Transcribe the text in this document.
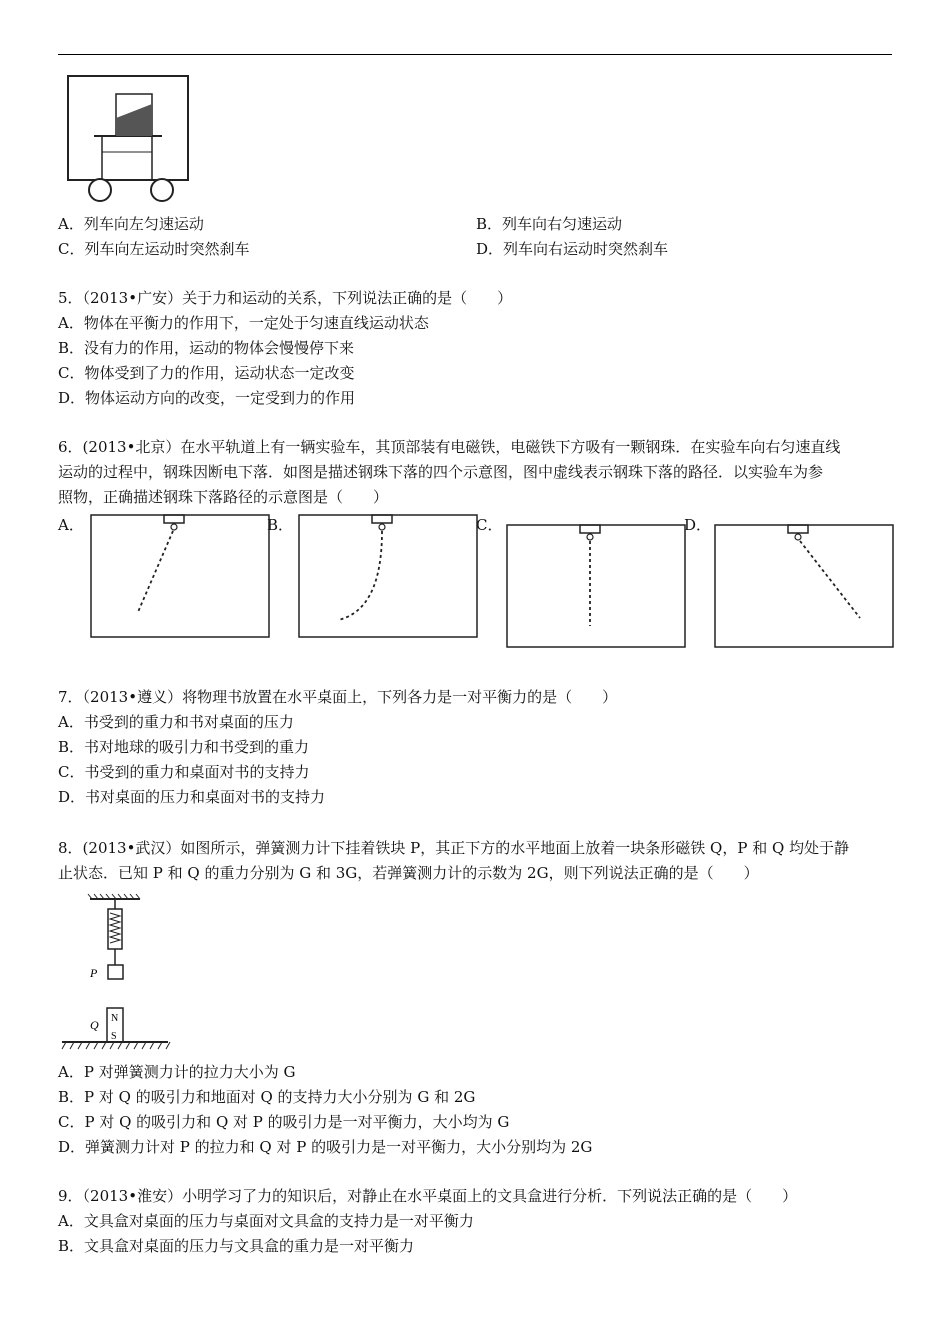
A．列车向左匀速运动	B．列车向右匀速运动
C．列车向左运动时突然刹车	D．列车向右运动时突然刹车
5．（2013•广安）关于力和运动的关系，下列说法正确的是（　　）
A．物体在平衡力的作用下，一定处于匀速直线运动状态
B．没有力的作用，运动的物体会慢慢停下来
C．物体受到了力的作用，运动状态一定改变
D．物体运动方向的改变，一定受到力的作用
6．(2013•北京）在水平轨道上有一辆实验车，其顶部装有电磁铁，电磁铁下方吸有一颗钢珠．在实验车向右匀速直线
运动的过程中，钢珠因断电下落．如图是描述钢珠下落的四个示意图，图中虚线表示钢珠下落的路径．以实验车为参
照物，正确描述钢珠下落路径的示意图是（　　）
A．	B．	C．	D．
7．（2013•遵义）将物理书放置在水平桌面上，下列各力是一对平衡力的是（　　）
A．书受到的重力和书对桌面的压力
B．书对地球的吸引力和书受到的重力
C．书受到的重力和桌面对书的支持力
D．书对桌面的压力和桌面对书的支持力
8．(2013•武汉）如图所示，弹簧测力计下挂着铁块 P，其正下方的水平地面上放着一块条形磁铁 Q，P 和 Q 均处于静
止状态．已知 P 和 Q 的重力分别为 G 和 3G，若弹簧测力计的示数为 2G，则下列说法正确的是（　　）
P
Q N
S
A．P 对弹簧测力计的拉力大小为 G
B．P 对 Q 的吸引力和地面对 Q 的支持力大小分别为 G 和 2G
C．P 对 Q 的吸引力和 Q 对 P 的吸引力是一对平衡力，大小均为 G
D．弹簧测力计对 P 的拉力和 Q 对 P 的吸引力是一对平衡力，大小分别均为 2G
9．（2013•淮安）小明学习了力的知识后，对静止在水平桌面上的文具盒进行分析．下列说法正确的是（　　）
A．文具盒对桌面的压力与桌面对文具盒的支持力是一对平衡力
B．文具盒对桌面的压力与文具盒的重力是一对平衡力
